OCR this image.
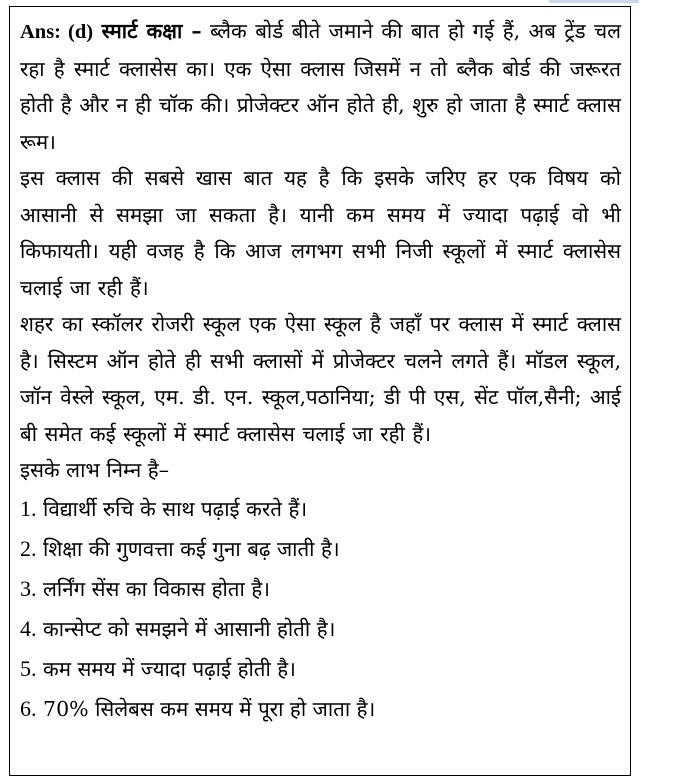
Ans: (d) स्मार्ट कक्षा – ब्लैक बोर्ड बीते जमाने की बात हो गई हैं, अब ट्रेंड चल रहा है स्मार्ट क्लासेस का। एक ऐसा क्लास जिसमें न तो ब्लैक बोर्ड की जरूरत होती है और न ही चॉक की। प्रोजेक्टर ऑन होते ही, शुरु हो जाता है स्मार्ट क्लास रूम।

इस क्लास की सबसे खास बात यह है कि इसके जरिए हर एक विषय को आसानी से समझा जा सकता है। यानी कम समय में ज्यादा पढ़ाई वो भी किफायती। यही वजह है कि आज लगभग सभी निजी स्कूलों में स्मार्ट क्लासेस चलाई जा रही हैं।

शहर का स्कॉलर रोजरी स्कूल एक ऐसा स्कूल है जहाँ पर क्लास में स्मार्ट क्लास है। सिस्टम ऑन होते ही सभी क्लासों में प्रोजेक्टर चलने लगते हैं। मॉडल स्कूल, जॉन वेस्ले स्कूल, एम. डी. एन. स्कूल,पठानिया; डी पी एस, सेंट पॉल,सैनी; आई बी समेत कई स्कूलों में स्मार्ट क्लासेस चलाई जा रही हैं।

इसके लाभ निम्न है–

1. विद्यार्थी रुचि के साथ पढ़ाई करते हैं।
2. शिक्षा की गुणवत्ता कई गुना बढ़ जाती है।
3. लर्निंग सेंस का विकास होता है।
4. कान्सेप्ट को समझने में आसानी होती है।
5. कम समय में ज्यादा पढ़ाई होती है।
6. 70% सिलेबस कम समय में पूरा हो जाता है।
